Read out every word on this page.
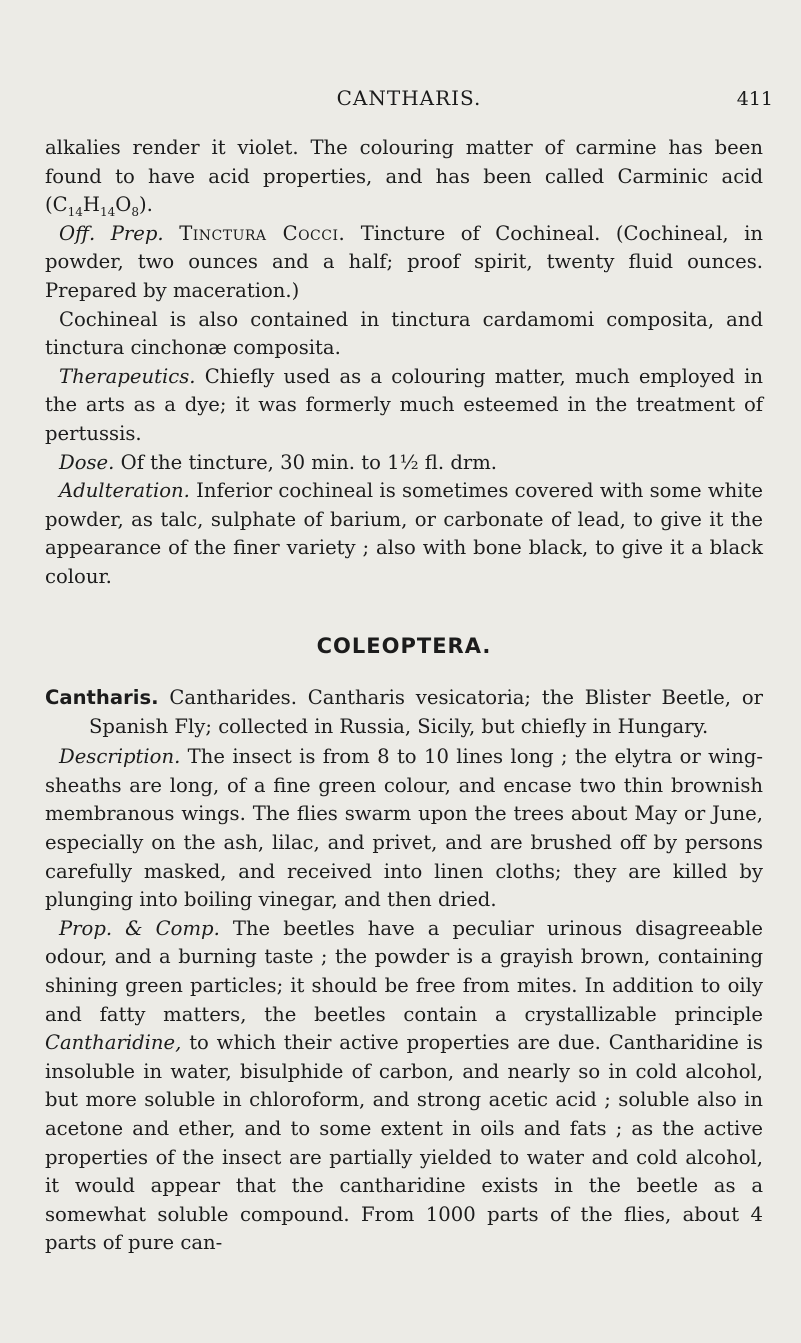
CANTHARIS.	411

alkalies render it violet. The colouring matter of carmine has been found to have acid properties, and has been called Carminic acid $(C_{14}H_{14}O_8)$.

Off. Prep. Tinctura Cocci. Tincture of Cochineal. (Cochineal, in powder, two ounces and a half; proof spirit, twenty fluid ounces. Prepared by maceration.)

Cochineal is also contained in tinctura cardamomi composita, and tinctura cinchonæ composita.

Therapeutics. Chiefly used as a colouring matter, much employed in the arts as a dye; it was formerly much esteemed in the treatment of pertussis.

Dose. Of the tincture, 30 min. to 1½ fl. drm.

Adulteration. Inferior cochineal is sometimes covered with some white powder, as talc, sulphate of barium, or carbonate of lead, to give it the appearance of the finer variety ; also with bone black, to give it a black colour.

COLEOPTERA.

Cantharis. Cantharides. Cantharis vesicatoria; the Blister Beetle, or Spanish Fly; collected in Russia, Sicily, but chiefly in Hungary.

Description. The insect is from 8 to 10 lines long ; the elytra or wing-sheaths are long, of a fine green colour, and encase two thin brownish membranous wings. The flies swarm upon the trees about May or June, especially on the ash, lilac, and privet, and are brushed off by persons carefully masked, and received into linen cloths; they are killed by plunging into boiling vinegar, and then dried.

Prop. & Comp. The beetles have a peculiar urinous disagreeable odour, and a burning taste ; the powder is a grayish brown, containing shining green particles; it should be free from mites. In addition to oily and fatty matters, the beetles contain a crystallizable principle Cantharidine, to which their active properties are due. Cantharidine is insoluble in water, bisulphide of carbon, and nearly so in cold alcohol, but more soluble in chloroform, and strong acetic acid ; soluble also in acetone and ether, and to some extent in oils and fats ; as the active properties of the insect are partially yielded to water and cold alcohol, it would appear that the cantharidine exists in the beetle as a somewhat soluble compound. From 1000 parts of the flies, about 4 parts of pure can-
